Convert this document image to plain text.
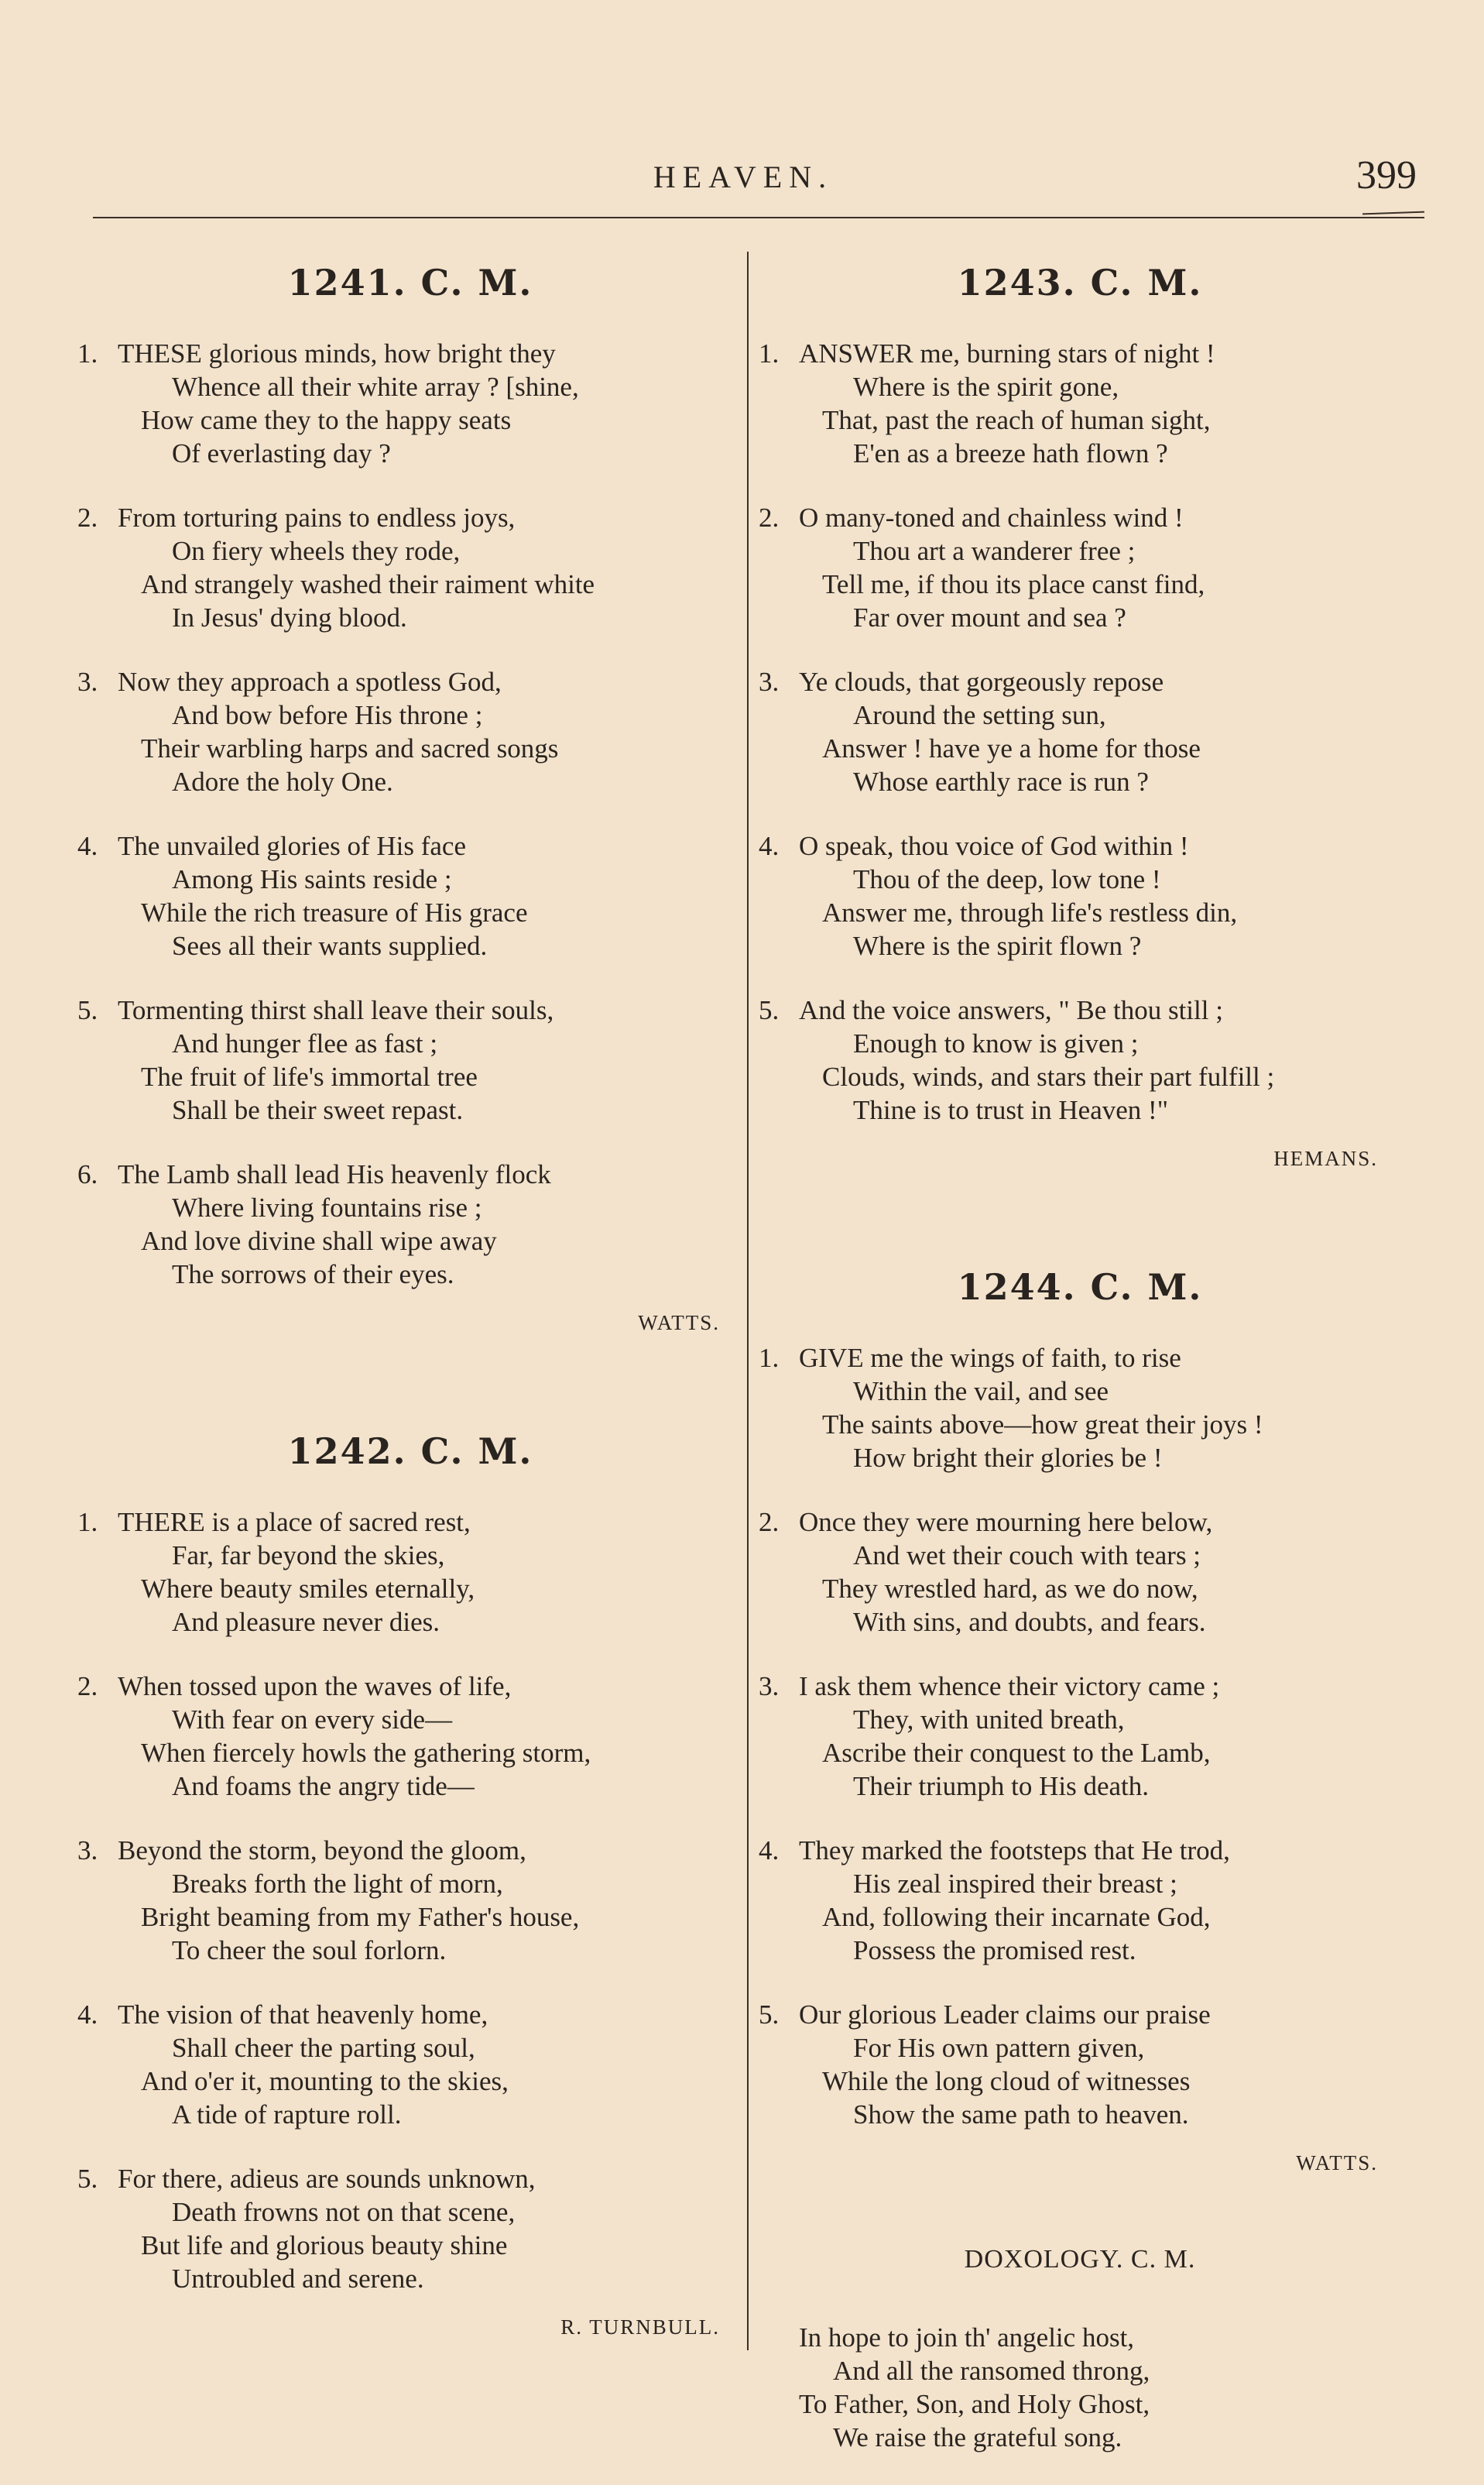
HEAVEN.	399
1241. C. M.
1. THESE glorious minds, how bright they
Whence all their white array ? [shine,
How came they to the happy seats
Of everlasting day ?
2. From torturing pains to endless joys,
On fiery wheels they rode,
And strangely washed their raiment white
In Jesus' dying blood.
3. Now they approach a spotless God,
And bow before His throne ;
Their warbling harps and sacred songs
Adore the holy One.
4. The unvailed glories of His face
Among His saints reside ;
While the rich treasure of His grace
Sees all their wants supplied.
5. Tormenting thirst shall leave their souls,
And hunger flee as fast ;
The fruit of life's immortal tree
Shall be their sweet repast.
6. The Lamb shall lead His heavenly flock
Where living fountains rise ;
And love divine shall wipe away
The sorrows of their eyes.
WATTS.
1242. C. M.
1. THERE is a place of sacred rest,
Far, far beyond the skies,
Where beauty smiles eternally,
And pleasure never dies.
2. When tossed upon the waves of life,
With fear on every side—
When fiercely howls the gathering storm,
And foams the angry tide—
3. Beyond the storm, beyond the gloom,
Breaks forth the light of morn,
Bright beaming from my Father's house,
To cheer the soul forlorn.
4. The vision of that heavenly home,
Shall cheer the parting soul,
And o'er it, mounting to the skies,
A tide of rapture roll.
5. For there, adieus are sounds unknown,
Death frowns not on that scene,
But life and glorious beauty shine
Untroubled and serene.
R. TURNBULL.
1243. C. M.
1. ANSWER me, burning stars of night !
Where is the spirit gone,
That, past the reach of human sight,
E'en as a breeze hath flown ?
2. O many-toned and chainless wind !
Thou art a wanderer free ;
Tell me, if thou its place canst find,
Far over mount and sea ?
3. Ye clouds, that gorgeously repose
Around the setting sun,
Answer ! have ye a home for those
Whose earthly race is run ?
4. O speak, thou voice of God within !
Thou of the deep, low tone !
Answer me, through life's restless din,
Where is the spirit flown ?
5. And the voice answers, " Be thou still ;
Enough to know is given ;
Clouds, winds, and stars their part fulfill ;
Thine is to trust in Heaven !"
HEMANS.
1244. C. M.
1. GIVE me the wings of faith, to rise
Within the vail, and see
The saints above—how great their joys !
How bright their glories be !
2. Once they were mourning here below,
And wet their couch with tears ;
They wrestled hard, as we do now,
With sins, and doubts, and fears.
3. I ask them whence their victory came ;
They, with united breath,
Ascribe their conquest to the Lamb,
Their triumph to His death.
4. They marked the footsteps that He trod,
His zeal inspired their breast ;
And, following their incarnate God,
Possess the promised rest.
5. Our glorious Leader claims our praise
For His own pattern given,
While the long cloud of witnesses
Show the same path to heaven.
WATTS.
DOXOLOGY. C. M.
In hope to join th' angelic host,
And all the ransomed throng,
To Father, Son, and Holy Ghost,
We raise the grateful song.
